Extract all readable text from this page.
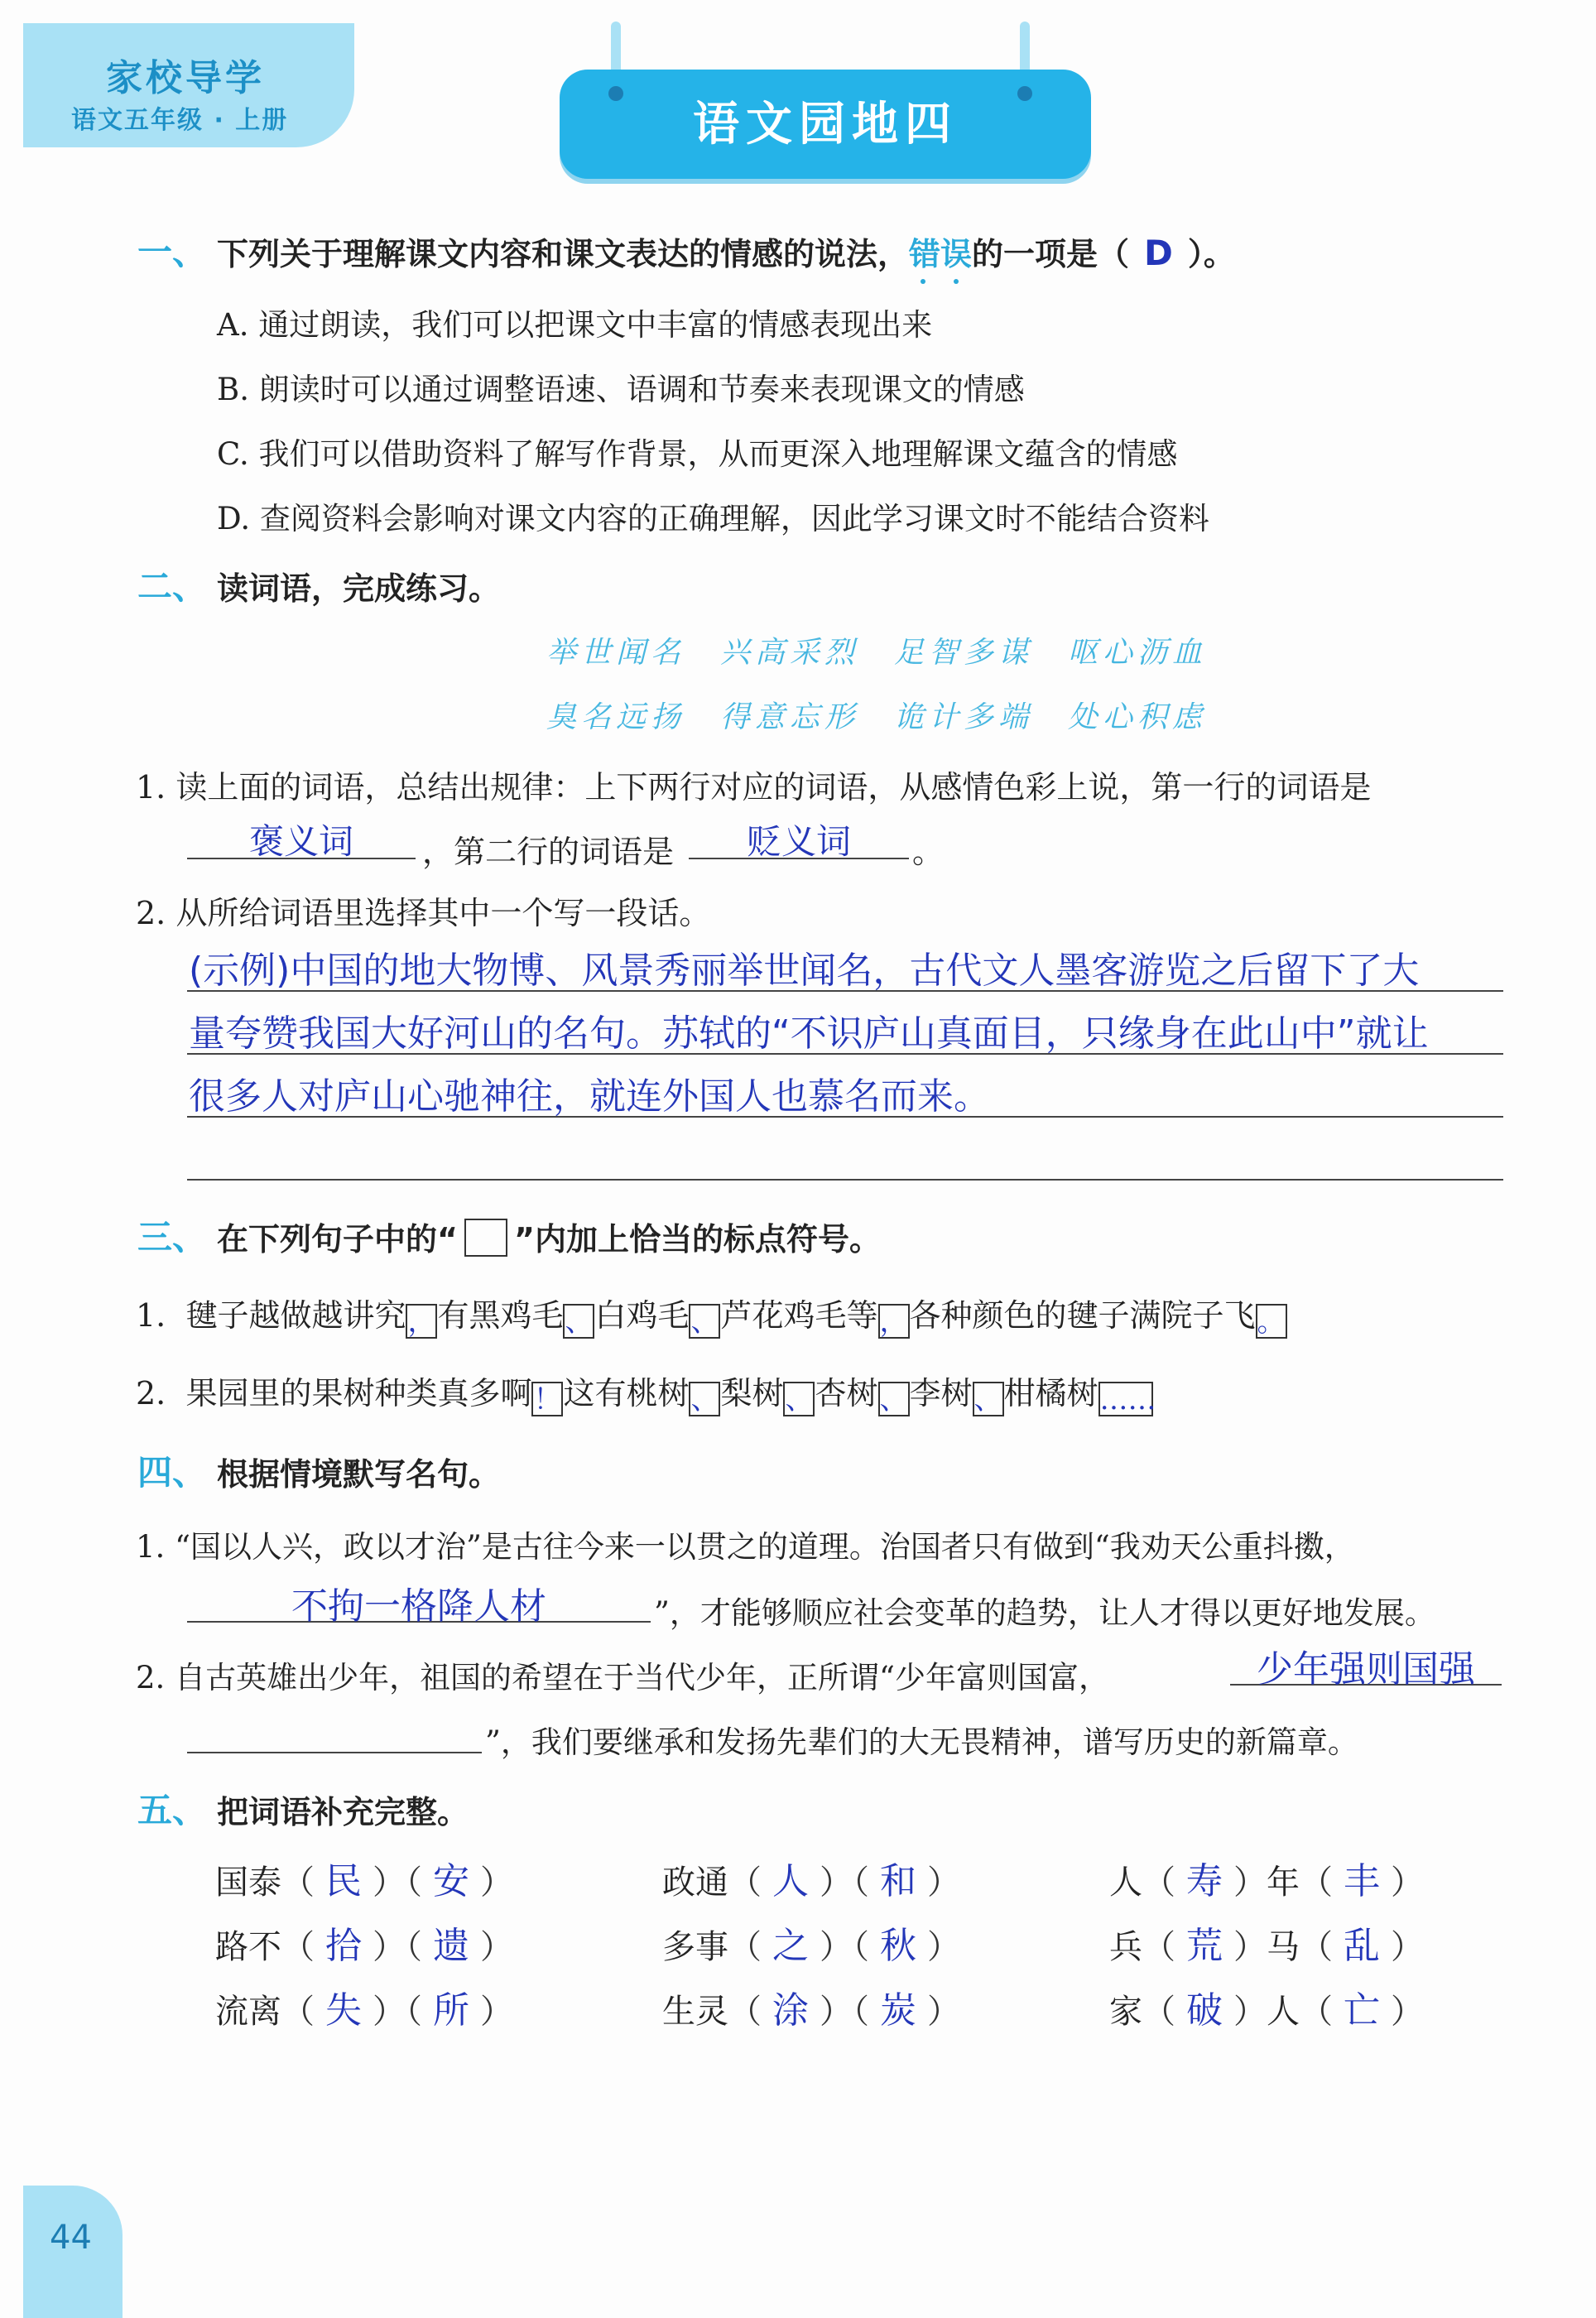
家校导学
语文五年级 · 上册	语文园地四
一、 下列关于理解课文内容和课文表达的情感的说法，错误
的一项是（ D ）。
A. 通过朗读，我们可以把课文中丰富的情感表现出来
B. 朗读时可以通过调整语速、语调和节奏来表现课文的情感
C. 我们可以借助资料了解写作背景，从而更深入地理解课文蕴含的情感
D. 查阅资料会影响对课文内容的正确理解，因此学习课文时不能结合资料
二、 读词语，完成练习。
举世闻名　兴高采烈　足智多谋　呕心沥血
臭名远扬　得意忘形　诡计多端　处心积虑
1. 读上面的词语，总结出规律：上下两行对应的词语，从感情色彩上说，第一行的词语是
褒义词	，第二行的词语是	贬义词	。
2. 从所给词语里选择其中一个写一段话。
(示例)中国的地大物博、风景秀丽举世闻名，古代文人墨客游览之后留下了大
量夸赞我国大好河山的名句。苏轼的“不识庐山真面目，只缘身在此山中”就让
很多人对庐山心驰神往，就连外国人也慕名而来。
三、 在下列句子中的“ ”内加上恰当的标点符号。
1. 毽子越做越讲究，有黑鸡毛、白鸡毛、芦花鸡毛等，各种颜色的毽子满院子飞。
2. 果园里的果树种类真多啊！这有桃树、梨树、杏树、李树、柑橘树……
四、 根据情境默写名句。
1. “国以人兴，政以才治”是古往今来一以贯之的道理。治国者只有做到“我劝天公重抖擞，
不拘一格降人材	”，才能够顺应社会变革的趋势，让人才得以更好地发展。
2. 自古英雄出少年，祖国的希望在于当代少年，正所谓“少年富则国富，	少年强则国强
”，我们要继承和发扬先辈们的大无畏精神，谱写历史的新篇章。
五、 把词语补充完整。
国泰（ 民 ）（ 安 ）	政通（ 人 ）（ 和 ）	人（ 寿 ）年（ 丰 ）
路不（ 拾 ）（ 遗 ）	多事（ 之 ）（ 秋 ）	兵（ 荒 ）马（ 乱 ）
流离（ 失 ）（ 所 ）	生灵（ 涂 ）（ 炭 ）	家（ 破 ）人（ 亡 ）
44
